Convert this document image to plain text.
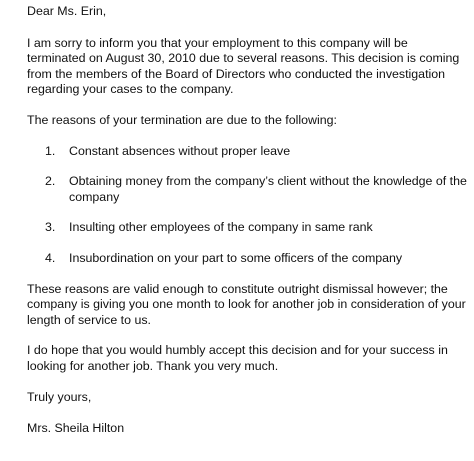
Dear Ms. Erin,

I am sorry to inform you that your employment to this company will be
terminated on August 30, 2010 due to several reasons. This decision is coming
from the members of the Board of Directors who conducted the investigation
regarding your cases to the company.

The reasons of your termination are due to the following:

1. Constant absences without proper leave
2. Obtaining money from the company’s client without the knowledge of the
company
3. Insulting other employees of the company in same rank
4. Insubordination on your part to some officers of the company

These reasons are valid enough to constitute outright dismissal however; the
company is giving you one month to look for another job in consideration of your
length of service to us.

I do hope that you would humbly accept this decision and for your success in
looking for another job. Thank you very much.

Truly yours,

Mrs. Sheila Hilton
